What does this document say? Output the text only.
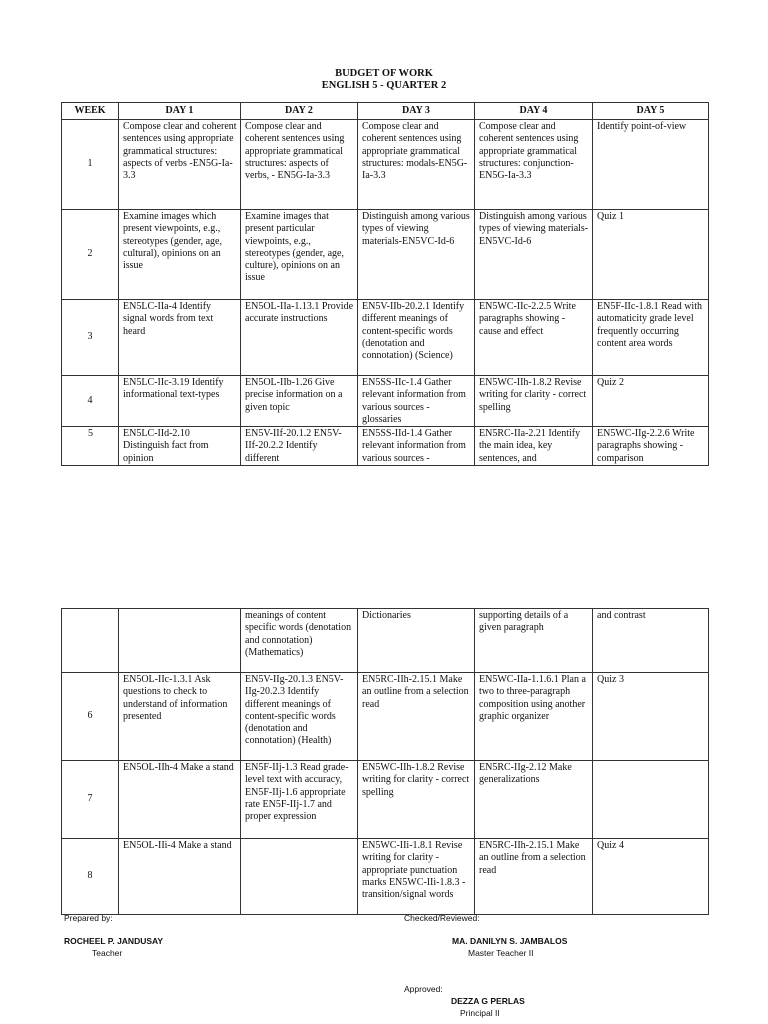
BUDGET OF WORK
ENGLISH 5 - QUARTER 2
WEEK	DAY 1	DAY 2	DAY 3	DAY 4	DAY 5
1	Compose clear and coherent sentences using appropriate grammatical structures: aspects of verbs -EN5G-Ia-3.3	Compose clear and coherent sentences using appropriate grammatical structures: aspects of verbs, - EN5G-Ia-3.3	Compose clear and coherent sentences using appropriate grammatical structures: modals-EN5G-Ia-3.3	Compose clear and coherent sentences using appropriate grammatical structures: conjunction-EN5G-Ia-3.3	Identify point-of-view
2	Examine images which present viewpoints, e.g., stereotypes (gender, age, cultural), opinions on an issue	Examine images that present particular viewpoints, e.g., stereotypes (gender, age, culture), opinions on an issue	Distinguish among various types of viewing materials-EN5VC-Id-6	Distinguish among various types of viewing materials-EN5VC-Id-6	Quiz 1
3	EN5LC-IIa-4 Identify signal words from text heard	EN5OL-IIa-1.13.1 Provide accurate instructions	EN5V-IIb-20.2.1 Identify different meanings of content-specific words (denotation and connotation) (Science)	EN5WC-IIc-2.2.5 Write paragraphs showing - cause and effect	EN5F-IIc-1.8.1 Read with automaticity grade level frequently occurring content area words
4	EN5LC-IIc-3.19 Identify informational text-types	EN5OL-IIb-1.26 Give precise information on a given topic	EN5SS-IIc-1.4 Gather relevant information from various sources - glossaries	EN5WC-IIh-1.8.2 Revise writing for clarity - correct spelling	Quiz 2
5	EN5LC-IId-2.10 Distinguish fact from opinion	EN5V-IIf-20.1.2 EN5V-IIf-20.2.2 Identify different	EN5SS-IId-1.4 Gather relevant information from various sources -	EN5RC-IIa-2.21 Identify the main idea, key sentences, and	EN5WC-IIg-2.2.6 Write paragraphs showing -comparison
		meanings of content specific words (denotation and connotation) (Mathematics)	Dictionaries	supporting details of a given paragraph	and contrast
6	EN5OL-IIc-1.3.1 Ask questions to check to understand of information presented	EN5V-IIg-20.1.3 EN5V-IIg-20.2.3 Identify different meanings of content-specific words (denotation and connotation) (Health)	EN5RC-IIh-2.15.1 Make an outline from a selection read	EN5WC-IIa-1.1.6.1 Plan a two to three-paragraph composition using another graphic organizer	Quiz 3
7	EN5OL-IIh-4 Make a stand	EN5F-IIj-1.3 Read grade-level text with accuracy, EN5F-IIj-1.6 appropriate rate EN5F-IIj-1.7 and proper expression	EN5WC-IIh-1.8.2 Revise writing for clarity - correct spelling	EN5RC-IIg-2.12 Make generalizations	
8	EN5OL-IIi-4 Make a stand		EN5WC-IIi-1.8.1 Revise writing for clarity - appropriate punctuation marks EN5WC-IIi-1.8.3 - transition/signal words	EN5RC-IIh-2.15.1 Make an outline from a selection read	Quiz 4
Prepared by:
ROCHEEL P. JANDUSAY
Teacher
Checked/Reviewed:
MA. DANILYN S. JAMBALOS
Master Teacher II
Approved:
DEZZA G PERLAS
Principal II
